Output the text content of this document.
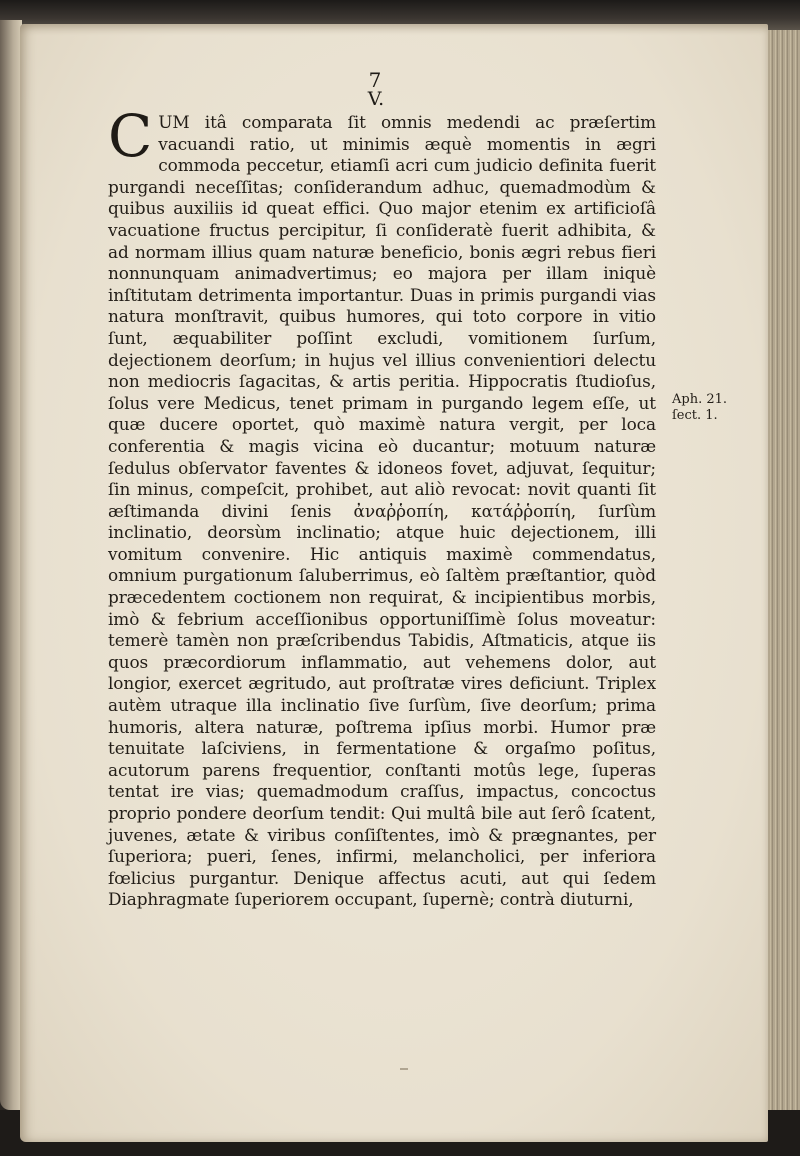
7
V.
C UM itâ comparata ſit omnis medendi ac præſertim vacuandi ratio, ut minimis æquè momentis in ægri commoda peccetur, etiamſi acri cum judicio definita fuerit purgandi neceſſitas; conſiderandum adhuc, quemadmodùm & quibus auxiliis id queat effici. Quo major etenim ex artificioſâ vacuatione fructus percipitur, ſi conſideratè fuerit adhibita, & ad normam illius quam naturæ beneficio, bonis ægri rebus fieri nonnunquam animadvertimus; eo majora per illam iniquè inſtitutam detrimenta importantur. Duas in primis purgandi vias natura monſtravit, quibus humores, qui toto corpore in vitio ſunt, æquabiliter poſſint excludi, vomitionem ſurſum, dejectionem deorſum; in hujus vel illius convenientiori delectu non mediocris ſagacitas, & artis peritia. Hippocratis ſtudioſus, ſolus vere Medicus, tenet primam in purgando legem eſſe, ut quæ ducere oportet, quò maximè natura vergit, per loca conferentia & magis vicina eò ducantur; motuum naturæ ſedulus obſervator faventes & idoneos fovet, adjuvat, ſequitur; ſin minus, compeſcit, prohibet, aut aliò revocat: novit quanti ſit æſtimanda divini ſenis ἀναῤῥοπίη, κατάῤῥοπίη, ſurſùm inclinatio, deorsùm inclinatio; atque huic dejectionem, illi vomitum convenire. Hic antiquis maximè commendatus, omnium purgationum ſaluberrimus, eò ſaltèm præſtantior, quòd præcedentem coctionem non requirat, & incipientibus morbis, imò & febrium acceſſionibus opportuniſſimè ſolus moveatur: temerè tamèn non præſcribendus Tabidis, Aſtmaticis, atque iis quos præcordiorum inflammatio, aut vehemens dolor, aut longior, exercet ægritudo, aut proſtratæ vires deficiunt. Triplex autèm utraque illa inclinatio ſive ſurſùm, ſive deorſum; prima humoris, altera naturæ, poſtrema ipſius morbi. Humor præ tenuitate laſciviens, in fermentatione & orgaſmo poſitus, acutorum parens frequentior, conſtanti motûs lege, ſuperas tentat ire vias; quemadmodum craſſus, impactus, concoctus proprio pondere deorſum tendit: Qui multâ bile aut ſerô ſcatent, juvenes, ætate & viribus conſiſtentes, imò & prægnantes, per ſuperiora; pueri, ſenes, infirmi, melancholici, per inferiora fœlicius purgantur. Denique affectus acuti, aut qui ſedem Diaphragmate ſuperiorem occupant, ſupernè; contrà diuturni,

Aph. 21.
ſect. 1.
